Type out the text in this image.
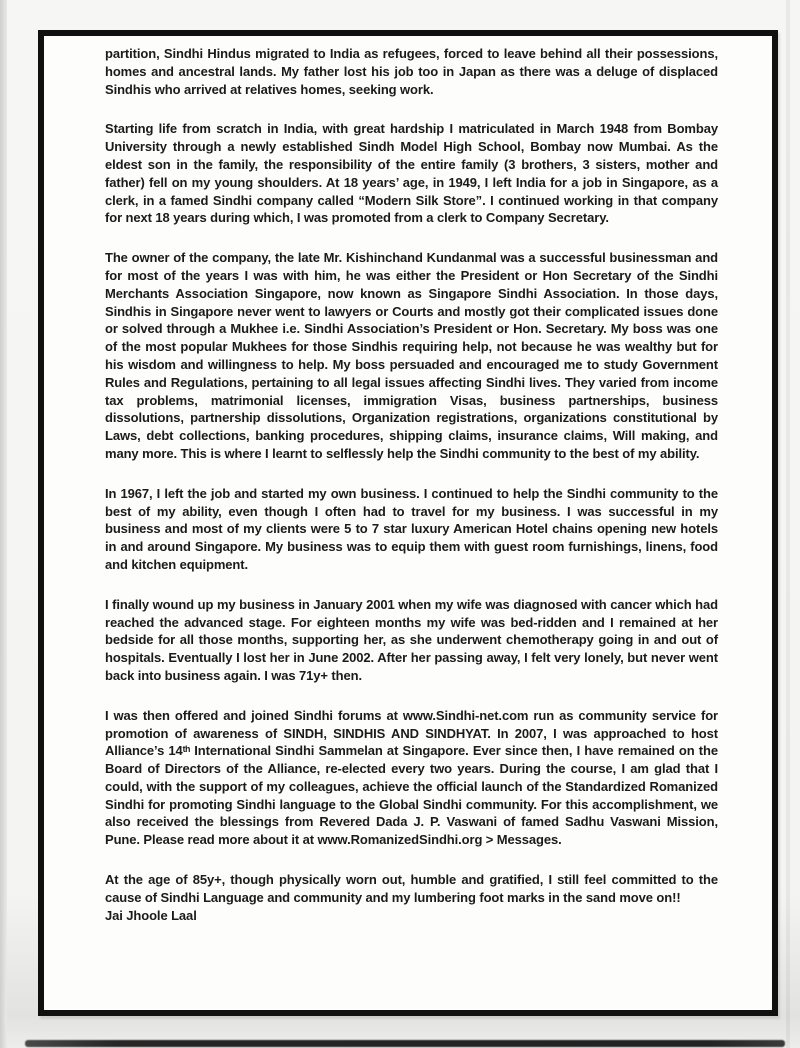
partition, Sindhi Hindus migrated to India as refugees, forced to leave behind all their possessions, homes and ancestral lands. My father lost his job too in Japan as there was a deluge of displaced Sindhis who arrived at relatives homes, seeking work.

Starting life from scratch in India, with great hardship I matriculated in March 1948 from Bombay University through a newly established Sindh Model High School, Bombay now Mumbai. As the eldest son in the family, the responsibility of the entire family (3 brothers, 3 sisters, mother and father) fell on my young shoulders. At 18 years’ age, in 1949, I left India for a job in Singapore, as a clerk, in a famed Sindhi company called “Modern Silk Store”. I continued working in that company for next 18 years during which, I was promoted from a clerk to Company Secretary.

The owner of the company, the late Mr. Kishinchand Kundanmal was a successful businessman and for most of the years I was with him, he was either the President or Hon Secretary of the Sindhi Merchants Association Singapore, now known as Singapore Sindhi Association. In those days, Sindhis in Singapore never went to lawyers or Courts and mostly got their complicated issues done or solved through a Mukhee i.e. Sindhi Association’s President or Hon. Secretary. My boss was one of the most popular Mukhees for those Sindhis requiring help, not because he was wealthy but for his wisdom and willingness to help. My boss persuaded and encouraged me to study Government Rules and Regulations, pertaining to all legal issues affecting Sindhi lives. They varied from income tax problems, matrimonial licenses, immigration Visas, business partnerships, business dissolutions, partnership dissolutions, Organization registrations, organizations constitutional by Laws, debt collections, banking procedures, shipping claims, insurance claims, Will making, and many more. This is where I learnt to selflessly help the Sindhi community to the best of my ability.

In 1967, I left the job and started my own business. I continued to help the Sindhi community to the best of my ability, even though I often had to travel for my business. I was successful in my business and most of my clients were 5 to 7 star luxury American Hotel chains opening new hotels in and around Singapore. My business was to equip them with guest room furnishings, linens, food and kitchen equipment.

I finally wound up my business in January 2001 when my wife was diagnosed with cancer which had reached the advanced stage. For eighteen months my wife was bed-ridden and I remained at her bedside for all those months, supporting her, as she underwent chemotherapy going in and out of hospitals. Eventually I lost her in June 2002. After her passing away, I felt very lonely, but never went back into business again. I was 71y+ then.

I was then offered and joined Sindhi forums at www.Sindhi-net.com run as community service for promotion of awareness of SINDH, SINDHIS AND SINDHYAT. In 2007, I was approached to host Alliance’s 14ᵗʰ International Sindhi Sammelan at Singapore. Ever since then, I have remained on the Board of Directors of the Alliance, re-elected every two years. During the course, I am glad that I could, with the support of my colleagues, achieve the official launch of the Standardized Romanized Sindhi for promoting Sindhi language to the Global Sindhi community. For this accomplishment, we also received the blessings from Revered Dada J. P. Vaswani of famed Sadhu Vaswani Mission, Pune. Please read more about it at www.RomanizedSindhi.org > Messages.

At the age of 85y+, though physically worn out, humble and gratified, I still feel committed to the cause of Sindhi Language and community and my lumbering foot marks in the sand move on!!

Jai Jhoole Laal
